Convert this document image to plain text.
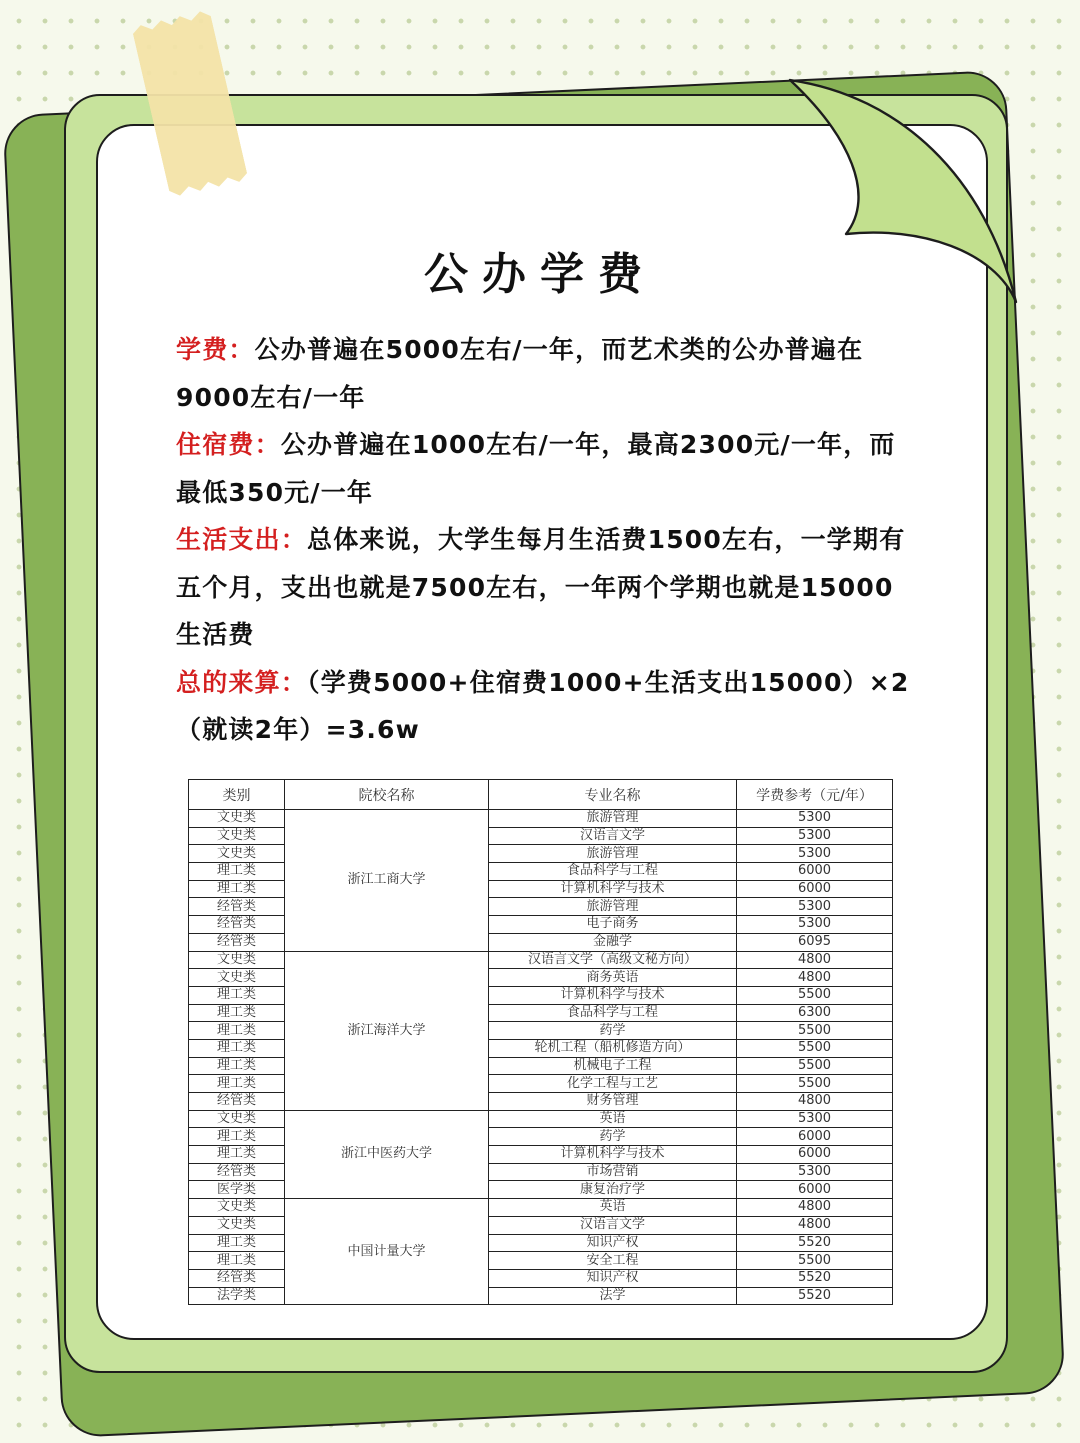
公办学费

学费：公办普遍在5000左右/一年，而艺术类的公办普遍在9000左右/一年

住宿费：公办普遍在1000左右/一年，最高2300元/一年，而最低350元/一年

生活支出：总体来说，大学生每月生活费1500左右，一学期有五个月，支出也就是7500左右，一年两个学期也就是15000生活费

总的来算：（学费5000+住宿费1000+生活支出15000）×2（就读2年）=3.6w

类别	院校名称	专业名称	学费参考（元/年）
文史类	浙江工商大学	旅游管理	5300
文史类		汉语言文学	5300
文史类		旅游管理	5300
理工类		食品科学与工程	6000
理工类		计算机科学与技术	6000
经管类		旅游管理	5300
经管类		电子商务	5300
经管类		金融学	6095
文史类	浙江海洋大学	汉语言文学（高级文秘方向）	4800
文史类		商务英语	4800
理工类		计算机科学与技术	5500
理工类		食品科学与工程	6300
理工类		药学	5500
理工类		轮机工程（船机修造方向）	5500
理工类		机械电子工程	5500
理工类		化学工程与工艺	5500
经管类		财务管理	4800
文史类	浙江中医药大学	英语	5300
理工类		药学	6000
理工类		计算机科学与技术	6000
经管类		市场营销	5300
医学类		康复治疗学	6000
文史类	中国计量大学	英语	4800
文史类		汉语言文学	4800
理工类		知识产权	5520
理工类		安全工程	5500
经管类		知识产权	5520
法学类		法学	5520
